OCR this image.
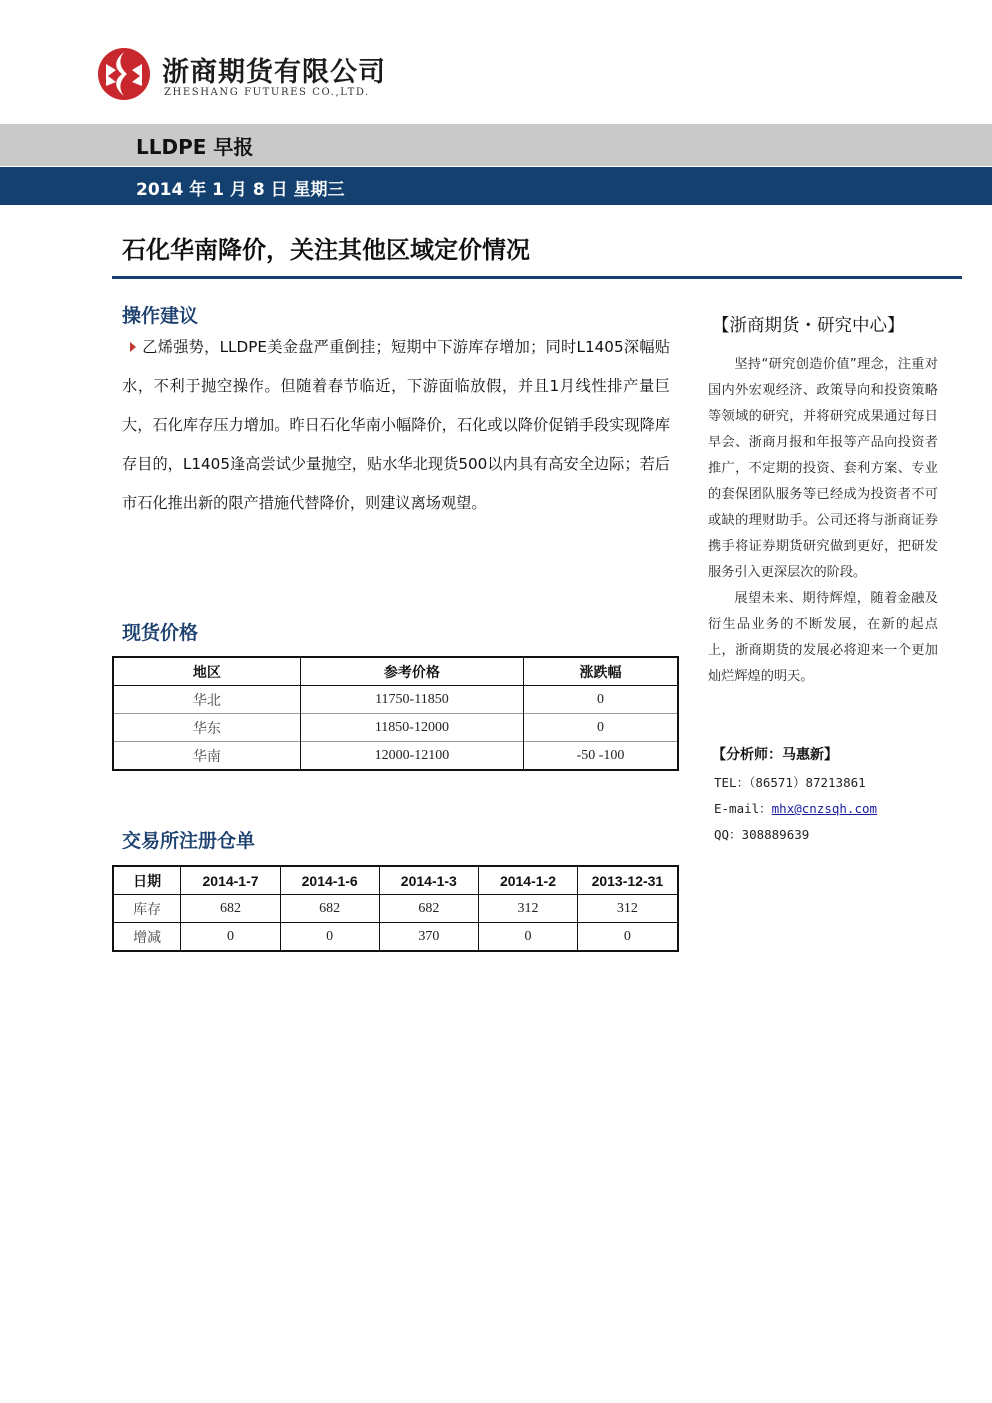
浙商期货有限公司
ZHESHANG FUTURES CO.,LTD.
LLDPE 早报
2014 年 1 月 8 日 星期三
石化华南降价，关注其他区域定价情况
操作建议
乙烯强势，LLDPE美金盘严重倒挂；短期中下游库存增加；同时L1405深幅贴水，不利于抛空操作。但随着春节临近，下游面临放假，并且1月线性排产量巨大，石化库存压力增加。昨日石化华南小幅降价，石化或以降价促销手段实现降库存目的，L1405逢高尝试少量抛空，贴水华北现货500以内具有高安全边际；若后市石化推出新的限产措施代替降价，则建议离场观望。
现货价格
地区	参考价格	涨跌幅
华北	11750-11850	0
华东	11850-12000	0
华南	12000-12100	-50 -100
交易所注册仓单
日期	2014-1-7	2014-1-6	2014-1-3	2014-1-2	2013-12-31
库存	682	682	682	312	312
增减	0	0	370	0	0
【浙商期货・研究中心】

坚持“研究创造价值”理念，注重对国内外宏观经济、政策导向和投资策略等领域的研究，并将研究成果通过每日早会、浙商月报和年报等产品向投资者推广，不定期的投资、套利方案、专业的套保团队服务等已经成为投资者不可或缺的理财助手。公司还将与浙商证券携手将证券期货研究做到更好，把研发服务引入更深层次的阶段。

展望未来、期待辉煌，随着金融及衍生品业务的不断发展，在新的起点上，浙商期货的发展必将迎来一个更加灿烂辉煌的明天。

【分析师：马惠新】
TEL：（86571）87213861
E-mail：mhx@cnzsqh.com
QQ：308889639
